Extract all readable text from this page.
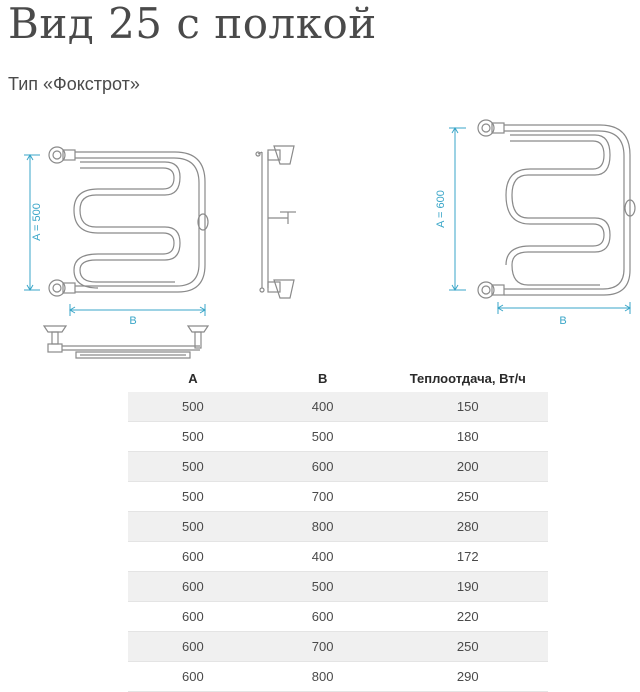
Вид 25 с полкой

Тип «Фокстрот»

A = 500
B
A = 600
B
A	B	Теплоотдача, Вт/ч
500	400	150
500	500	180
500	600	200
500	700	250
500	800	280
600	400	172
600	500	190
600	600	220
600	700	250
600	800	290
